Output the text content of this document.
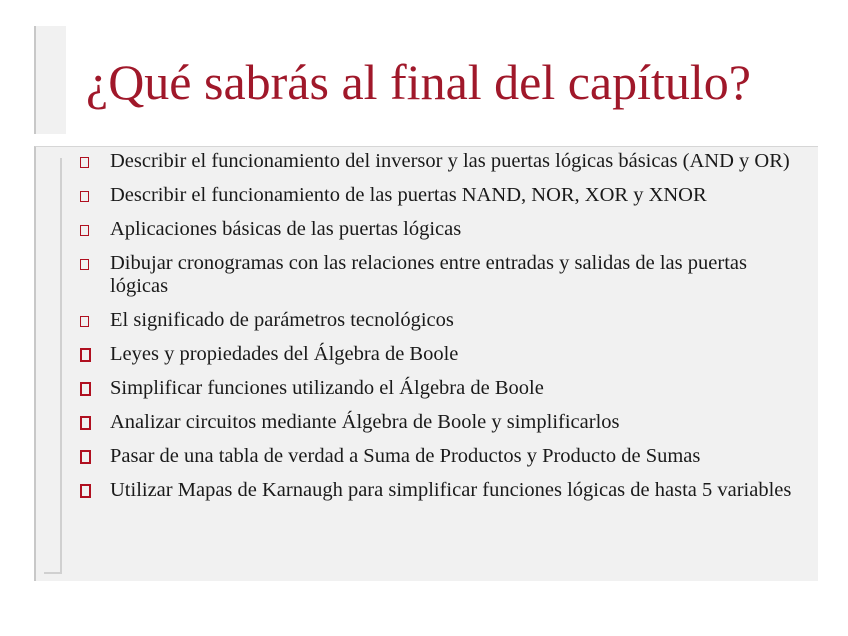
¿Qué sabrás al final del capítulo?
Describir el funcionamiento del inversor y las puertas lógicas básicas (AND y OR)
Describir el funcionamiento de las puertas NAND, NOR, XOR y XNOR
Aplicaciones básicas de las puertas lógicas
Dibujar cronogramas con las relaciones entre entradas y salidas de las puertas lógicas
El significado de parámetros tecnológicos
Leyes y propiedades del Álgebra de Boole
Simplificar funciones utilizando el Álgebra de Boole
Analizar circuitos mediante Álgebra de Boole y simplificarlos
Pasar de una tabla de verdad a Suma de Productos y Producto de Sumas
Utilizar Mapas de Karnaugh para simplificar funciones lógicas de hasta 5 variables
